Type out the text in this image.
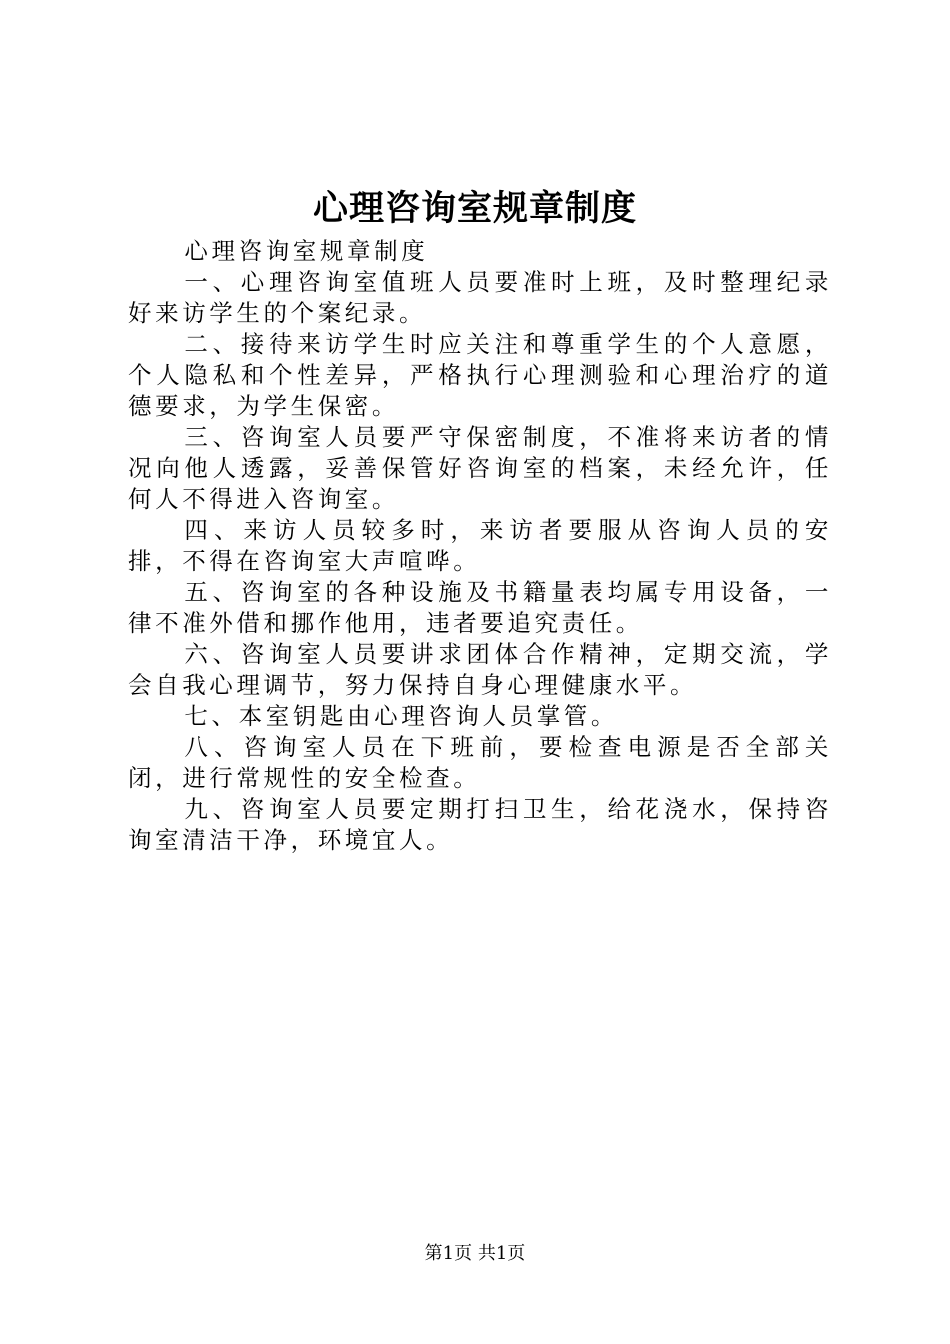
心理咨询室规章制度

心理咨询室规章制度

一、心理咨询室值班人员要准时上班，及时整理纪录好来访学生的个案纪录。

二、接待来访学生时应关注和尊重学生的个人意愿，个人隐私和个性差异，严格执行心理测验和心理治疗的道德要求，为学生保密。

三、咨询室人员要严守保密制度，不准将来访者的情况向他人透露，妥善保管好咨询室的档案，未经允许，任何人不得进入咨询室。

四、来访人员较多时，来访者要服从咨询人员的安排，不得在咨询室大声喧哗。

五、咨询室的各种设施及书籍量表均属专用设备，一律不准外借和挪作他用，违者要追究责任。

六、咨询室人员要讲求团体合作精神，定期交流，学会自我心理调节，努力保持自身心理健康水平。

七、本室钥匙由心理咨询人员掌管。

八、咨询室人员在下班前，要检查电源是否全部关闭，进行常规性的安全检查。

九、咨询室人员要定期打扫卫生，给花浇水，保持咨询室清洁干净，环境宜人。

第1页 共1页
